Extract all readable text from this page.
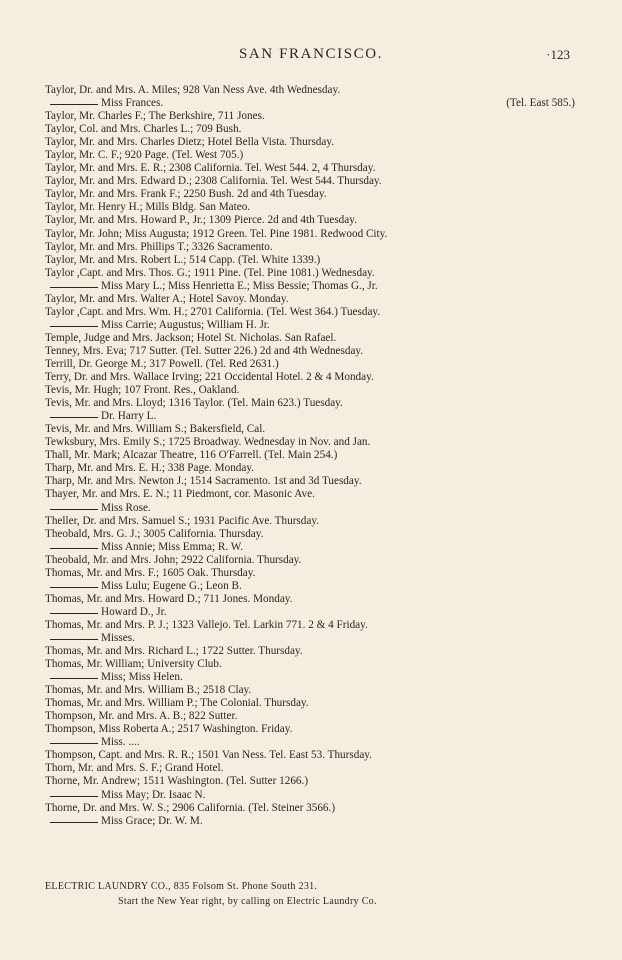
SAN FRANCISCO.	·123
Taylor, Dr. and Mrs. A. Miles; 928 Van Ness Ave. 4th Wednesday.
Miss Frances.	(Tel. East 585.)
Taylor, Mr. Charles F.; The Berkshire, 711 Jones.
Taylor, Col. and Mrs. Charles L.; 709 Bush.
Taylor, Mr. and Mrs. Charles Dietz; Hotel Bella Vista. Thursday.
Taylor, Mr. C. F.; 920 Page. (Tel. West 705.)
Taylor, Mr. and Mrs. E. R.; 2308 California. Tel. West 544. 2, 4 Thursday.
Taylor, Mr. and Mrs. Edward D.; 2308 California. Tel. West 544. Thursday.
Taylor, Mr. and Mrs. Frank F.; 2250 Bush. 2d and 4th Tuesday.
Taylor, Mr. Henry H.; Mills Bldg. San Mateo.
Taylor, Mr. and Mrs. Howard P., Jr.; 1309 Pierce. 2d and 4th Tuesday.
Taylor, Mr. John; Miss Augusta; 1912 Green. Tel. Pine 1981. Redwood City.
Taylor, Mr. and Mrs. Phillips T.; 3326 Sacramento.
Taylor, Mr. and Mrs. Robert L.; 514 Capp. (Tel. White 1339.)
Taylor ,Capt. and Mrs. Thos. G.; 1911 Pine. (Tel. Pine 1081.) Wednesday.
Miss Mary L.; Miss Henrietta E.; Miss Bessie; Thomas G., Jr.
Taylor, Mr. and Mrs. Walter A.; Hotel Savoy. Monday.
Taylor ,Capt. and Mrs. Wm. H.; 2701 California. (Tel. West 364.) Tuesday.
Miss Carrie; Augustus; William H. Jr.
Temple, Judge and Mrs. Jackson; Hotel St. Nicholas. San Rafael.
Tenney, Mrs. Eva; 717 Sutter. (Tel. Sutter 226.) 2d and 4th Wednesday.
Terrill, Dr. George M.; 317 Powell. (Tel. Red 2631.)
Terry, Dr. and Mrs. Wallace Irving; 221 Occidental Hotel. 2 & 4 Monday.
Tevis, Mr. Hugh; 107 Front. Res., Oakland.
Tevis, Mr. and Mrs. Lloyd; 1316 Taylor. (Tel. Main 623.) Tuesday.
Dr. Harry L.
Tevis, Mr. and Mrs. William S.; Bakersfield, Cal.
Tewksbury, Mrs. Emily S.; 1725 Broadway. Wednesday in Nov. and Jan.
Thall, Mr. Mark; Alcazar Theatre, 116 O'Farrell. (Tel. Main 254.)
Tharp, Mr. and Mrs. E. H.; 338 Page. Monday.
Tharp, Mr. and Mrs. Newton J.; 1514 Sacramento. 1st and 3d Tuesday.
Thayer, Mr. and Mrs. E. N.; 11 Piedmont, cor. Masonic Ave.
Miss Rose.
Theller, Dr. and Mrs. Samuel S.; 1931 Pacific Ave. Thursday.
Theobald, Mrs. G. J.; 3005 California. Thursday.
Miss Annie; Miss Emma; R. W.
Theobald, Mr. and Mrs. John; 2922 California. Thursday.
Thomas, Mr. and Mrs. F.; 1605 Oak. Thursday.
Miss Lulu; Eugene G.; Leon B.
Thomas, Mr. and Mrs. Howard D.; 711 Jones. Monday.
Howard D., Jr.
Thomas, Mr. and Mrs. P. J.; 1323 Vallejo. Tel. Larkin 771. 2 & 4 Friday.
Misses.
Thomas, Mr. and Mrs. Richard L.; 1722 Sutter. Thursday.
Thomas, Mr. William; University Club.
Miss; Miss Helen.
Thomas, Mr. and Mrs. William B.; 2518 Clay.
Thomas, Mr. and Mrs. William P.; The Colonial. Thursday.
Thompson, Mr. and Mrs. A. B.; 822 Sutter.
Thompson, Miss Roberta A.; 2517 Washington. Friday.
Miss. ....
Thompson, Capt. and Mrs. R. R.; 1501 Van Ness. Tel. East 53. Thursday.
Thorn, Mr. and Mrs. S. F.; Grand Hotel.
Thorne, Mr. Andrew; 1511 Washington. (Tel. Sutter 1266.)
Miss May; Dr. Isaac N.
Thorne, Dr. and Mrs. W. S.; 2906 California. (Tel. Steiner 3566.)
Miss Grace; Dr. W. M.
ELECTRIC LAUNDRY CO., 835 Folsom St. Phone South 231.
Start the New Year right, by calling on Electric Laundry Co.
